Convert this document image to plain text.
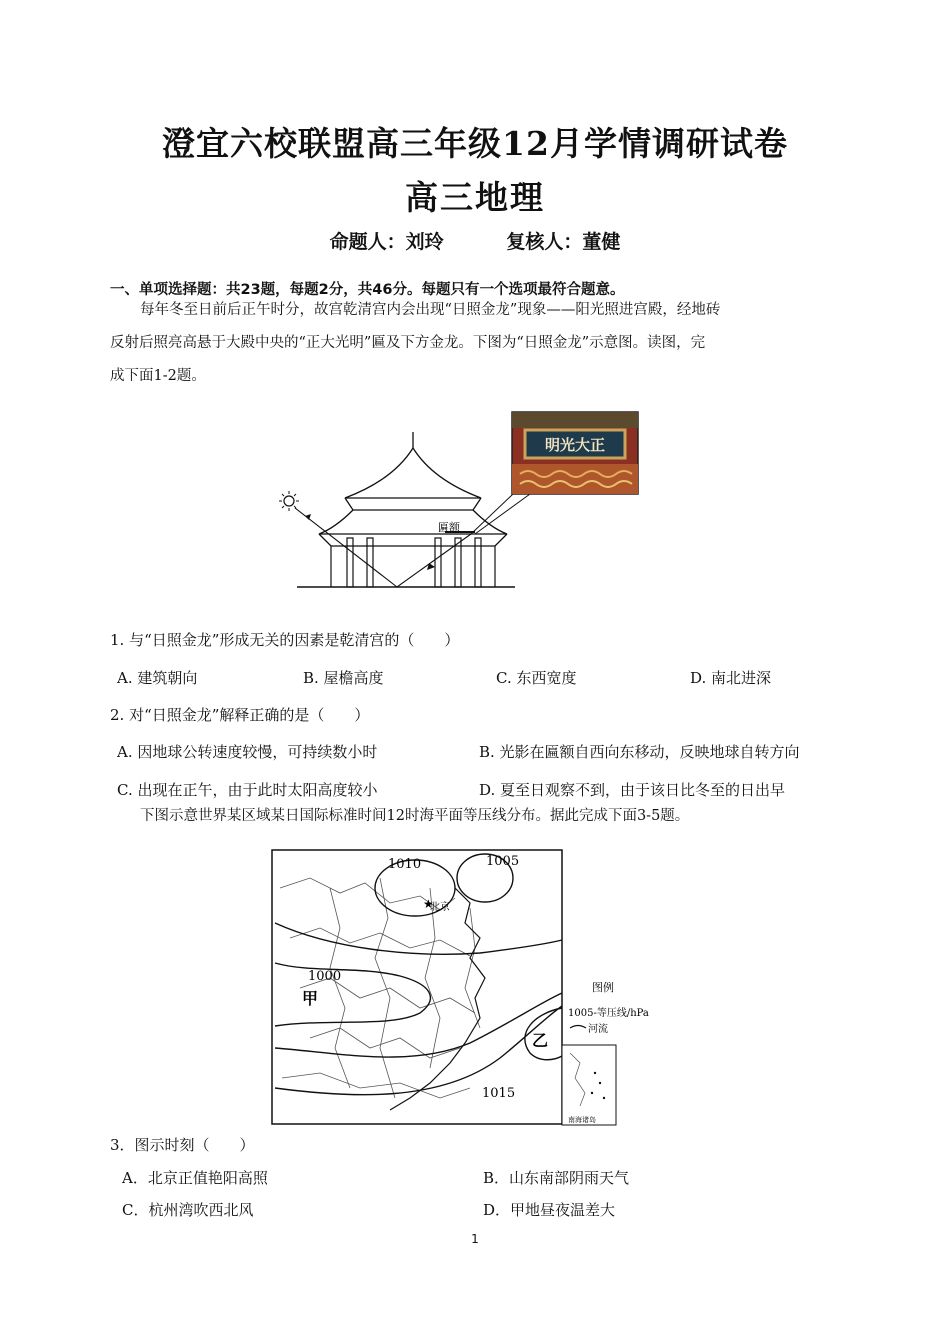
澄宜六校联盟高三年级12月学情调研试卷
高三地理
命题人：刘玲	复核人：董健
一、单项选择题：共23题，每题2分，共46分。每题只有一个选项最符合题意。
每年冬至日前后正午时分，故宫乾清宫内会出现“日照金龙”现象——阳光照进宫殿，经地砖
反射后照亮高悬于大殿中央的“正大光明”匾及下方金龙。下图为“日照金龙”示意图。读图，完
成下面1-2题。
匾额
明光大正
1. 与“日照金龙”形成无关的因素是乾清宫的（　　）
A. 建筑朝向	B. 屋檐高度	C. 东西宽度	D. 南北进深
2. 对“日照金龙”解释正确的是（　　）
A. 因地球公转速度较慢，可持续数小时	B. 光影在匾额自西向东移动，反映地球自转方向
C. 出现在正午，由于此时太阳高度较小	D. 夏至日观察不到，由于该日比冬至的日出早
下图示意世界某区域某日国际标准时间12时海平面等压线分布。据此完成下面3-5题。
1010	1005
1000
1015
北京
★
甲
乙
图例
1005-等压线/hPa
河流
南海诸岛
3．图示时刻（　　）
A．北京正值艳阳高照	B．山东南部阴雨天气
C．杭州湾吹西北风	D．甲地昼夜温差大
1
